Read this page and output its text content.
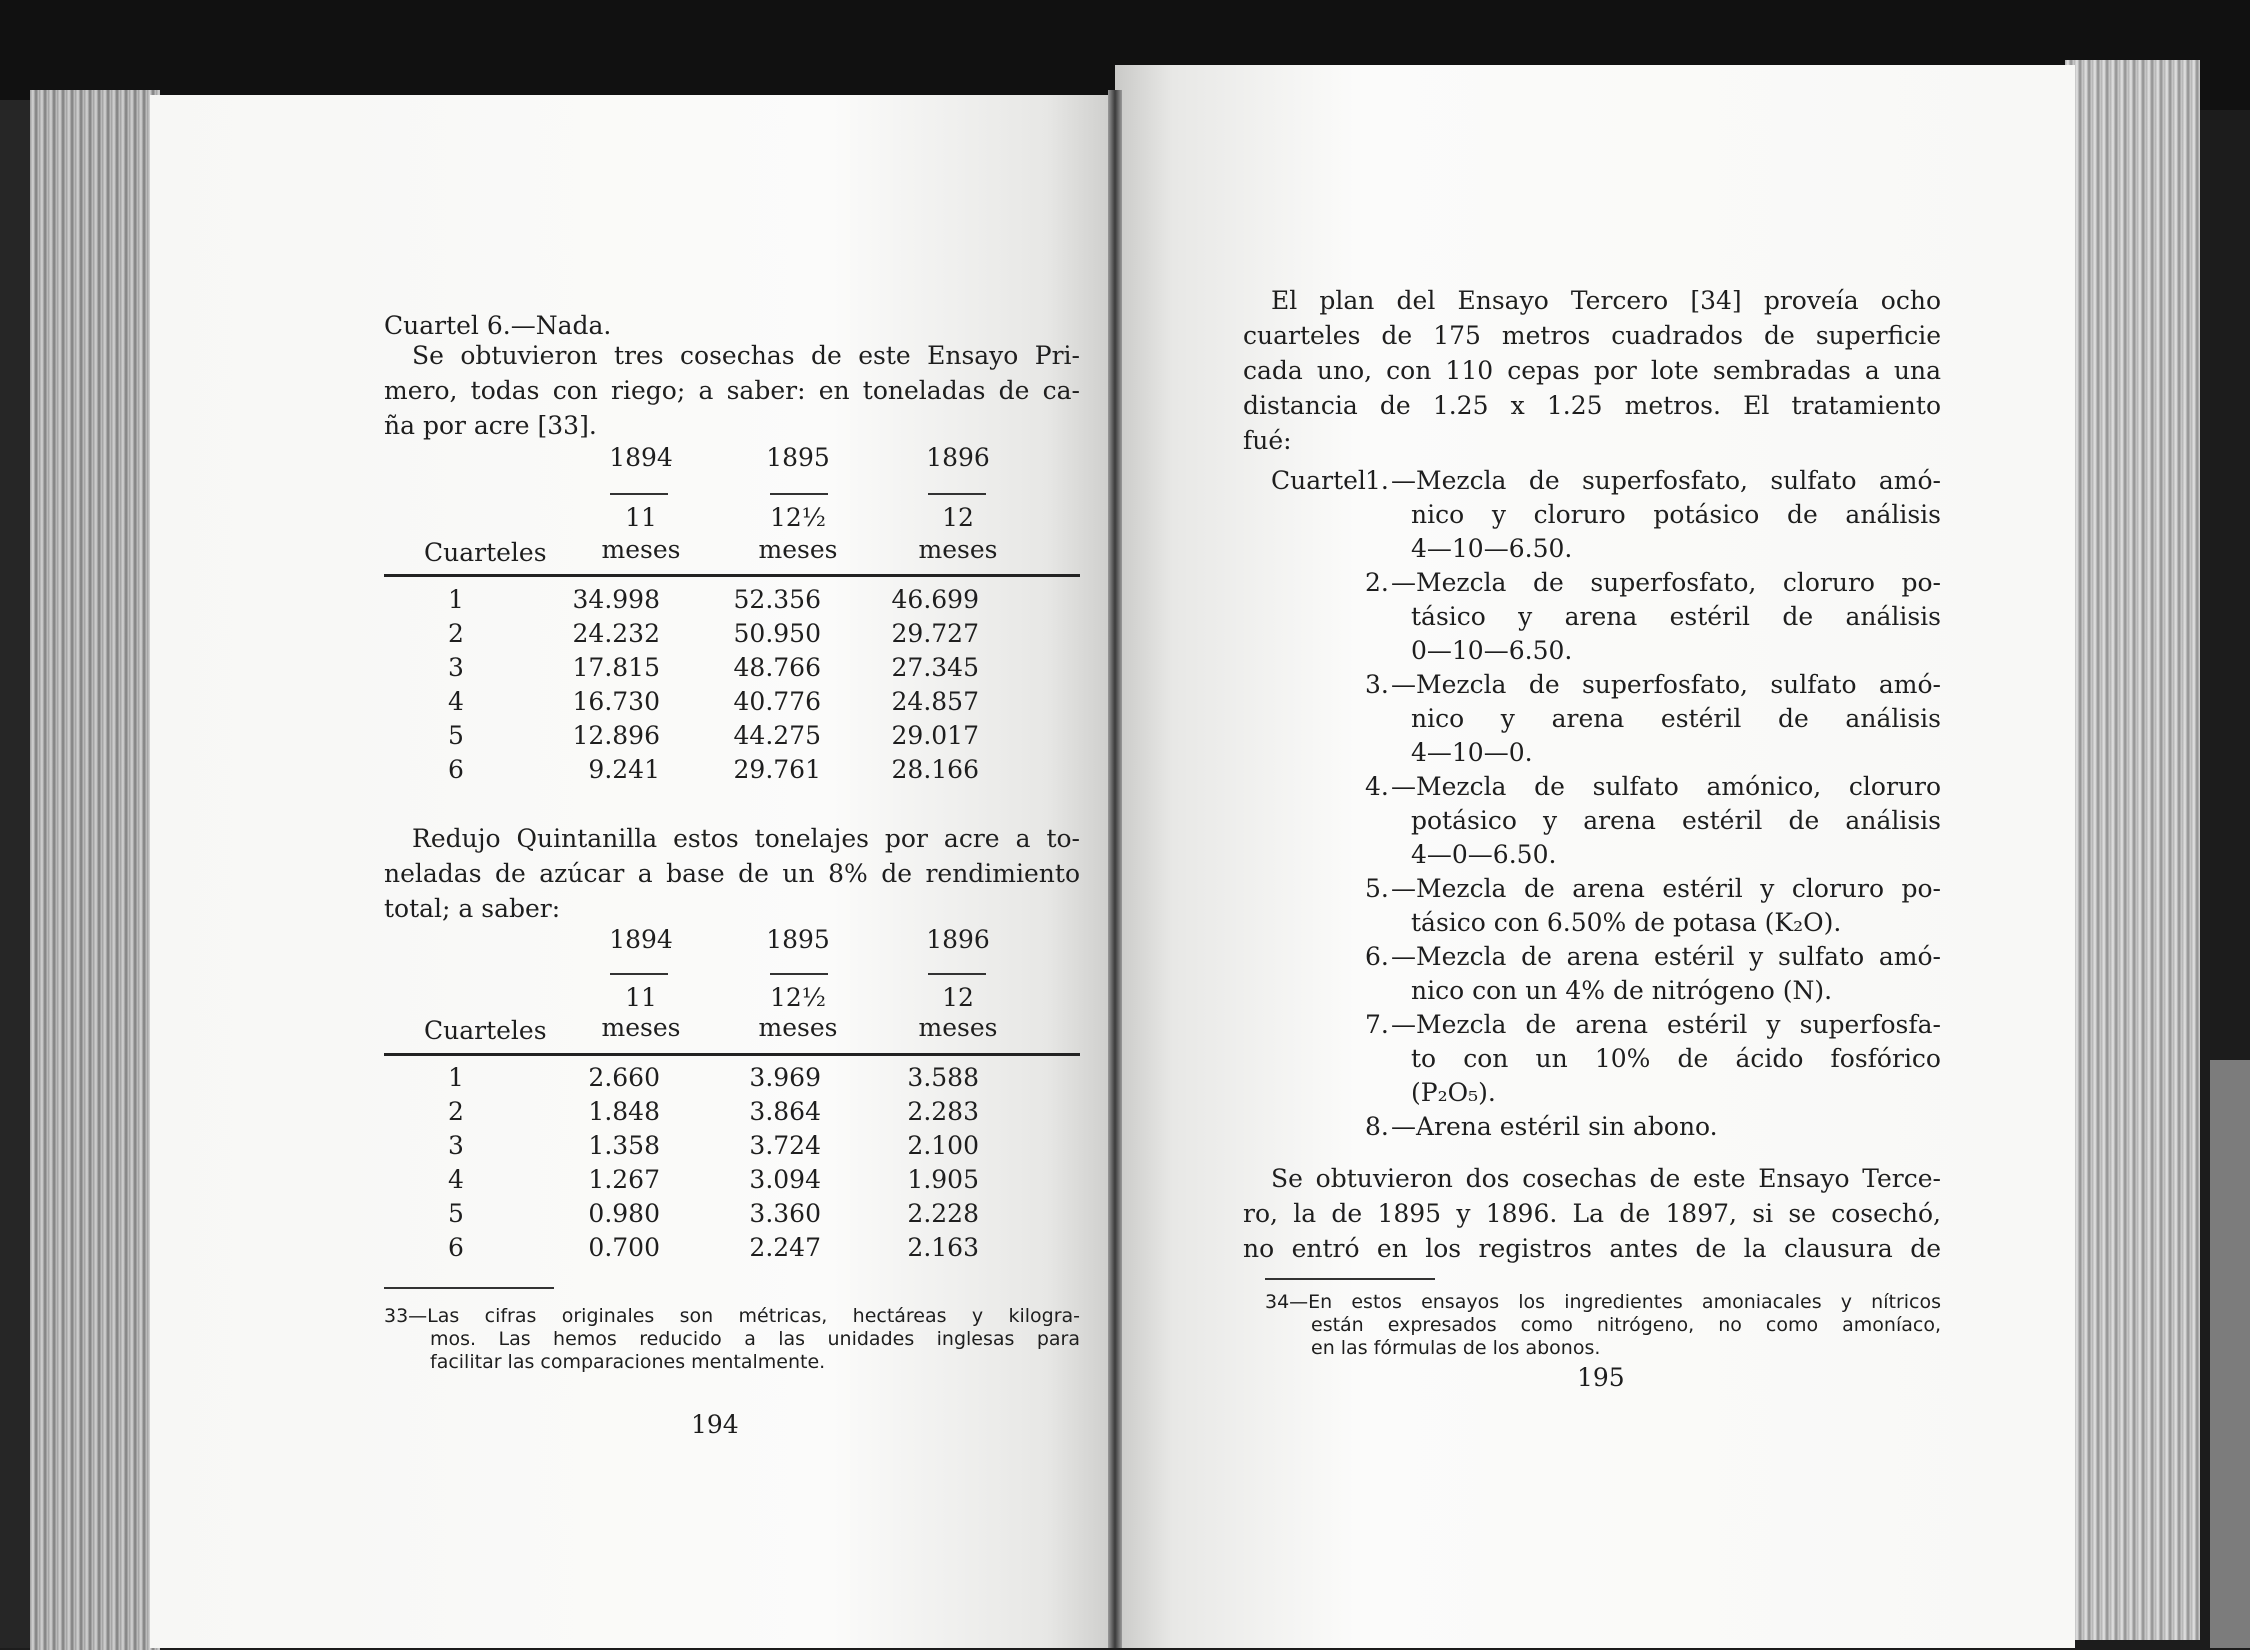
Cuartel 6.—Nada.
Se obtuvieron tres cosechas de este Ensayo Pri-
mero, todas con riego; a saber: en toneladas de ca-
ña por acre [33].
1894	1895	1896
11	12½	12
Cuarteles	meses	meses	meses
1	34.998	52.356	46.699
2	24.232	50.950	29.727
3	17.815	48.766	27.345
4	16.730	40.776	24.857
5	12.896	44.275	29.017
6	9.241	29.761	28.166
Redujo Quintanilla estos tonelajes por acre a to-
neladas de azúcar a base de un 8% de rendimiento
total; a saber:
1894	1895	1896
11	12½	12
Cuarteles	meses	meses	meses
1	2.660	3.969	3.588
2	1.848	3.864	2.283
3	1.358	3.724	2.100
4	1.267	3.094	1.905
5	0.980	3.360	2.228
6	0.700	2.247	2.163
33—Las cifras originales son métricas, hectáreas y kilogra-
mos. Las hemos reducido a las unidades inglesas para
facilitar las comparaciones mentalmente.
194
El plan del Ensayo Tercero [34] proveía ocho
cuarteles de 175 metros cuadrados de superficie
cada uno, con 110 cepas por lote sembradas a una
distancia de 1.25 x 1.25 metros. El tratamiento
fué:
Cuartel 1. —Mezcla de superfosfato, sulfato amó-
nico y cloruro potásico de análisis
4—10—6.50.
2. —Mezcla de superfosfato, cloruro po-
tásico y arena estéril de análisis
0—10—6.50.
3. —Mezcla de superfosfato, sulfato amó-
nico y arena estéril de análisis
4—10—0.
4. —Mezcla de sulfato amónico, cloruro
potásico y arena estéril de análisis
4—0—6.50.
5. —Mezcla de arena estéril y cloruro po-
tásico con 6.50% de potasa (K₂O).
6. —Mezcla de arena estéril y sulfato amó-
nico con un 4% de nitrógeno (N).
7. —Mezcla de arena estéril y superfosfa-
to con un 10% de ácido fosfórico
(P₂O₅).
8. —Arena estéril sin abono.
Se obtuvieron dos cosechas de este Ensayo Terce-
ro, la de 1895 y 1896. La de 1897, si se cosechó,
no entró en los registros antes de la clausura de
34—En estos ensayos los ingredientes amoniacales y nítricos
están expresados como nitrógeno, no como amoníaco,
en las fórmulas de los abonos.
195
